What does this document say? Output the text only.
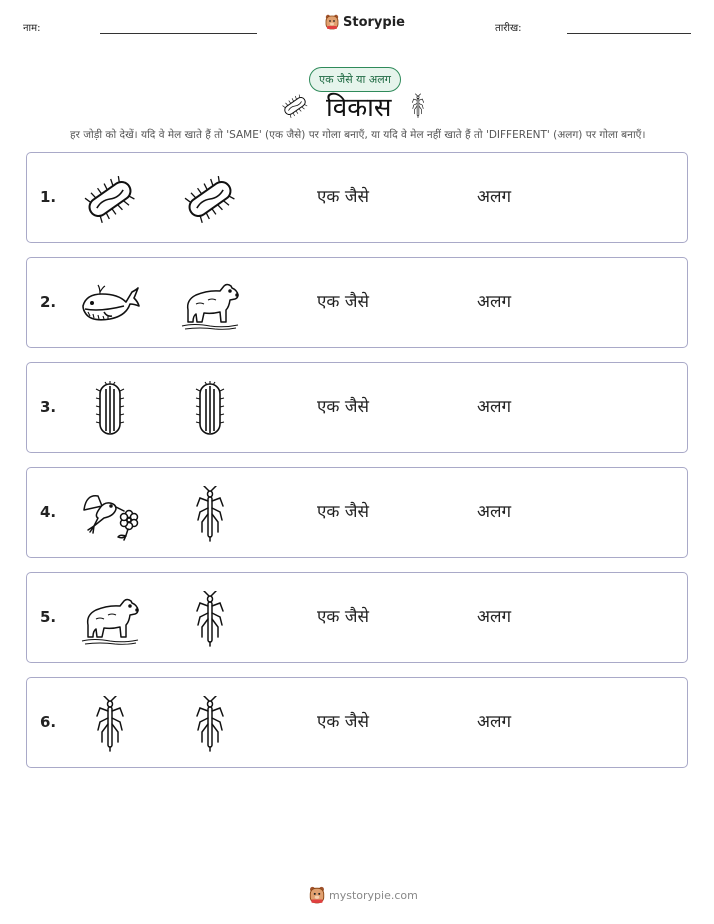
नाम:	Storypie	तारीख:
एक जैसे या अलग
विकास
हर जोड़ी को देखें। यदि वे मेल खाते हैं तो 'SAME' (एक जैसे) पर गोला बनाएँ, या यदि वे मेल नहीं खाते हैं तो 'DIFFERENT' (अलग) पर गोला बनाएँ।
1.	एक जैसे	अलग
2.	एक जैसे	अलग
3.	एक जैसे	अलग
4.	एक जैसे	अलग
5.	एक जैसे	अलग
6.	एक जैसे	अलग
mystorypie.com
